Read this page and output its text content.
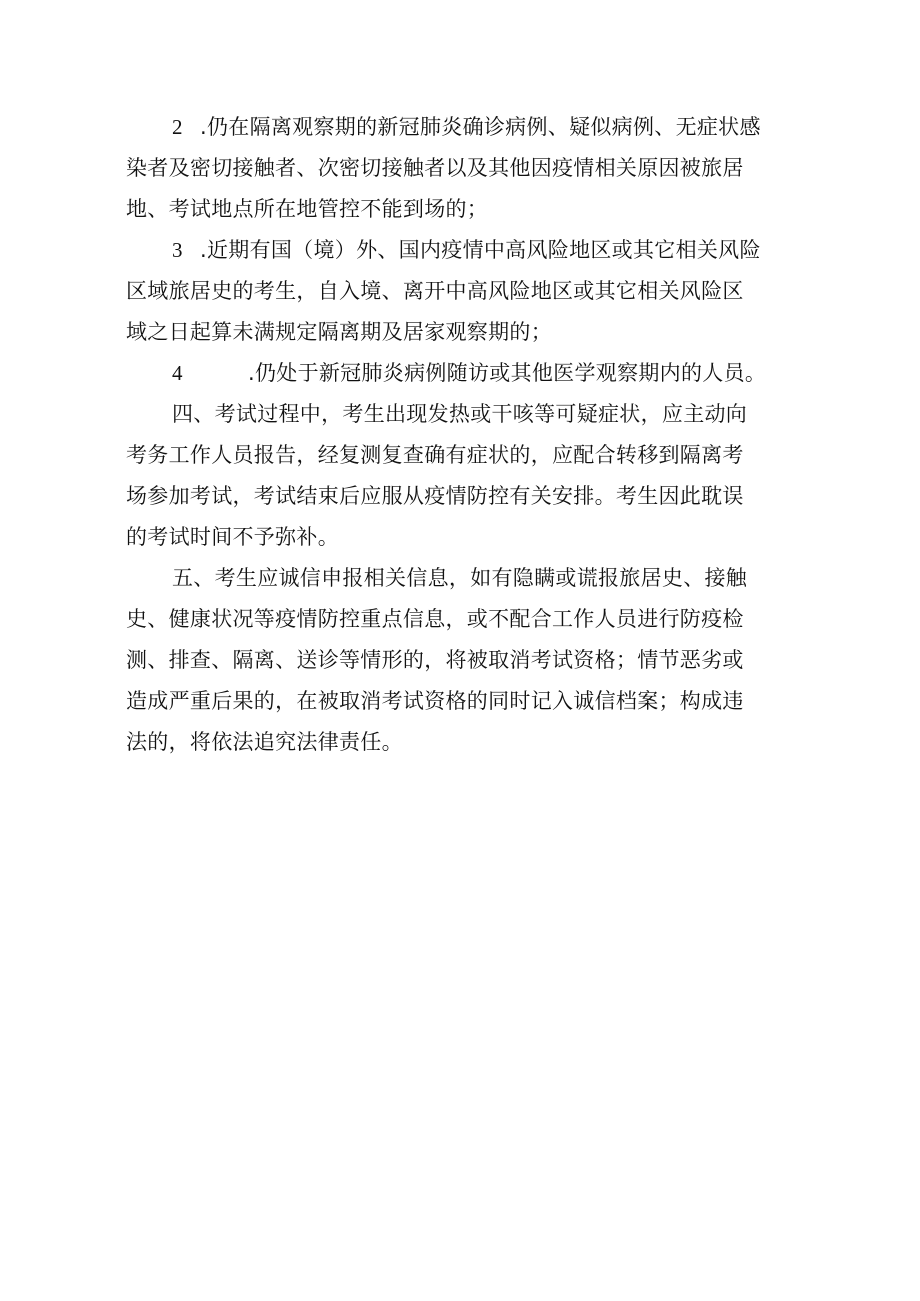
2 .仍在隔离观察期的新冠肺炎确诊病例、疑似病例、无症状感
染者及密切接触者、次密切接触者以及其他因疫情相关原因被旅居
地、考试地点所在地管控不能到场的；
3 .近期有国（境）外、国内疫情中高风险地区或其它相关风险
区域旅居史的考生，自入境、离开中高风险地区或其它相关风险区
域之日起算未满规定隔离期及居家观察期的；
4	.仍处于新冠肺炎病例随访或其他医学观察期内的人员。
四、考试过程中，考生出现发热或干咳等可疑症状，应主动向
考务工作人员报告，经复测复查确有症状的，应配合转移到隔离考
场参加考试，考试结束后应服从疫情防控有关安排。考生因此耽误
的考试时间不予弥补。
五、考生应诚信申报相关信息，如有隐瞒或谎报旅居史、接触
史、健康状况等疫情防控重点信息，或不配合工作人员进行防疫检
测、排查、隔离、送诊等情形的，将被取消考试资格；情节恶劣或
造成严重后果的，在被取消考试资格的同时记入诚信档案；构成违
法的，将依法追究法律责任。
